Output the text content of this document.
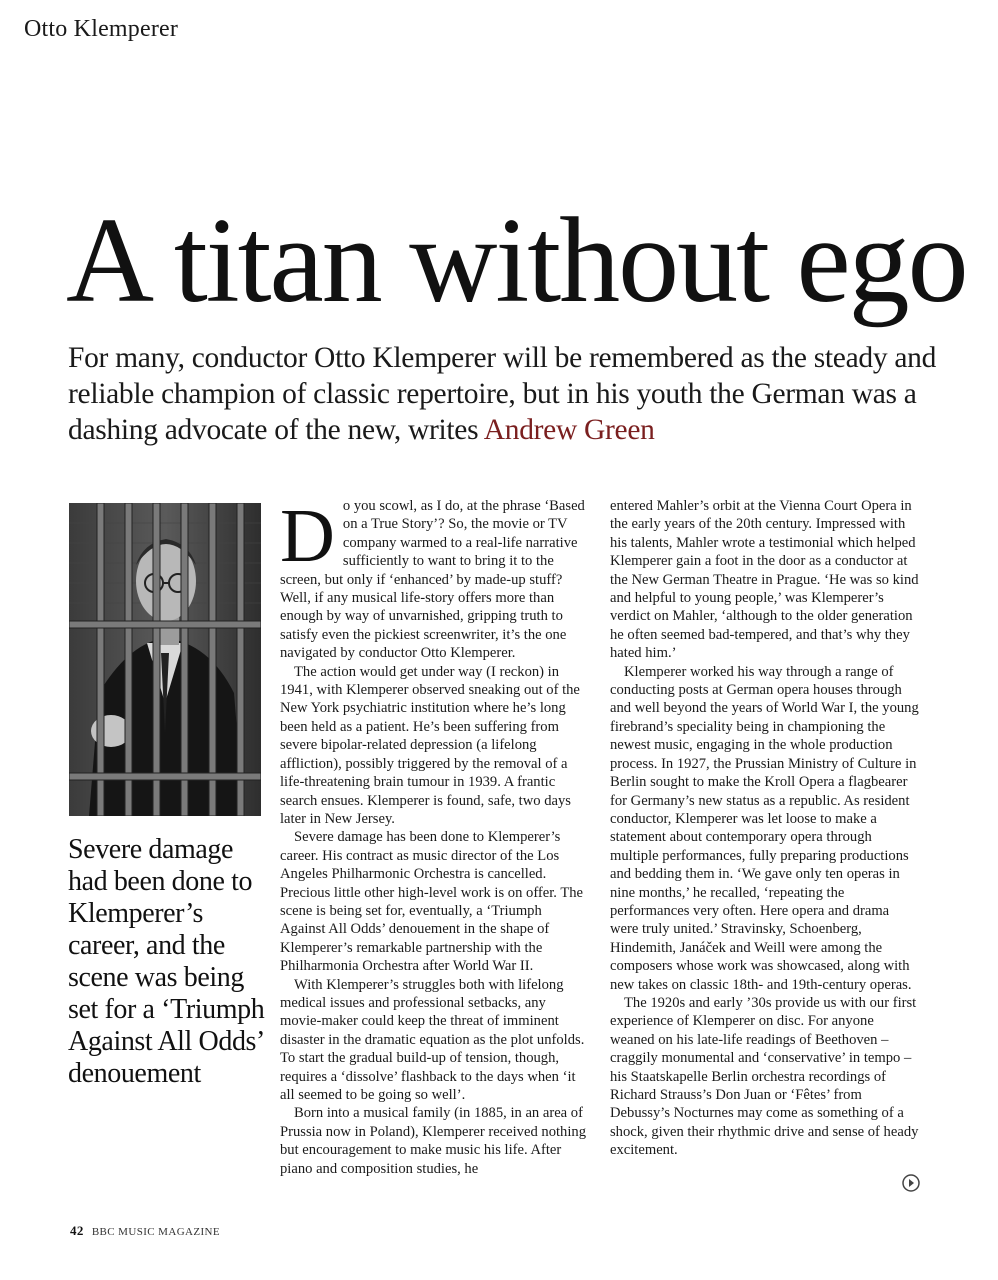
Otto Klemperer
A titan without ego

For many, conductor Otto Klemperer will be remembered as the steady and reliable champion of classic repertoire, but in his youth the German was a dashing advocate of the new, writes Andrew Green

Severe damage had been done to Klemperer’s career, and the scene was being set for a ‘Triumph Against All Odds’ denouement

Do you scowl, as I do, at the phrase ‘Based on a True Story’? So, the movie or TV company warmed to a real-life narrative sufficiently to want to bring it to the screen, but only if ‘enhanced’ by made-up stuff? Well, if any musical life-story offers more than enough by way of unvarnished, gripping truth to satisfy even the pickiest screenwriter, it’s the one navigated by conductor Otto Klemperer.

The action would get under way (I reckon) in 1941, with Klemperer observed sneaking out of the New York psychiatric institution where he’s long been held as a patient. He’s been suffering from severe bipolar-related depression (a lifelong affliction), possibly triggered by the removal of a life-threatening brain tumour in 1939. A frantic search ensues. Klemperer is found, safe, two days later in New Jersey.

Severe damage has been done to Klemperer’s career. His contract as music director of the Los Angeles Philharmonic Orchestra is cancelled. Precious little other high-level work is on offer. The scene is being set for, eventually, a ‘Triumph Against All Odds’ denouement in the shape of Klemperer’s remarkable partnership with the Philharmonia Orchestra after World War II.

With Klemperer’s struggles both with lifelong medical issues and professional setbacks, any movie-maker could keep the threat of imminent disaster in the dramatic equation as the plot unfolds. To start the gradual build-up of tension, though, requires a ‘dissolve’ flashback to the days when ‘it all seemed to be going so well’.

Born into a musical family (in 1885, in an area of Prussia now in Poland), Klemperer received nothing but encouragement to make music his life. After piano and composition studies, he

entered Mahler’s orbit at the Vienna Court Opera in the early years of the 20th century. Impressed with his talents, Mahler wrote a testimonial which helped Klemperer gain a foot in the door as a conductor at the New German Theatre in Prague. ‘He was so kind and helpful to young people,’ was Klemperer’s verdict on Mahler, ‘although to the older generation he often seemed bad-tempered, and that’s why they hated him.’

Klemperer worked his way through a range of conducting posts at German opera houses through and well beyond the years of World War I, the young firebrand’s speciality being in championing the newest music, engaging in the whole production process. In 1927, the Prussian Ministry of Culture in Berlin sought to make the Kroll Opera a flagbearer for Germany’s new status as a republic. As resident conductor, Klemperer was let loose to make a statement about contemporary opera through multiple performances, fully preparing productions and bedding them in. ‘We gave only ten operas in nine months,’ he recalled, ‘repeating the performances very often. Here opera and drama were truly united.’ Stravinsky, Schoenberg, Hindemith, Janáček and Weill were among the composers whose work was showcased, along with new takes on classic 18th- and 19th-century operas.

The 1920s and early ’30s provide us with our first experience of Klemperer on disc. For anyone weaned on his late-life readings of Beethoven – craggily monumental and ‘conservative’ in tempo – his Staatskapelle Berlin orchestra recordings of Richard Strauss’s Don Juan or ‘Fêtes’ from Debussy’s Nocturnes may come as something of a shock, given their rhythmic drive and sense of heady excitement.

42 BBC MUSIC MAGAZINE
